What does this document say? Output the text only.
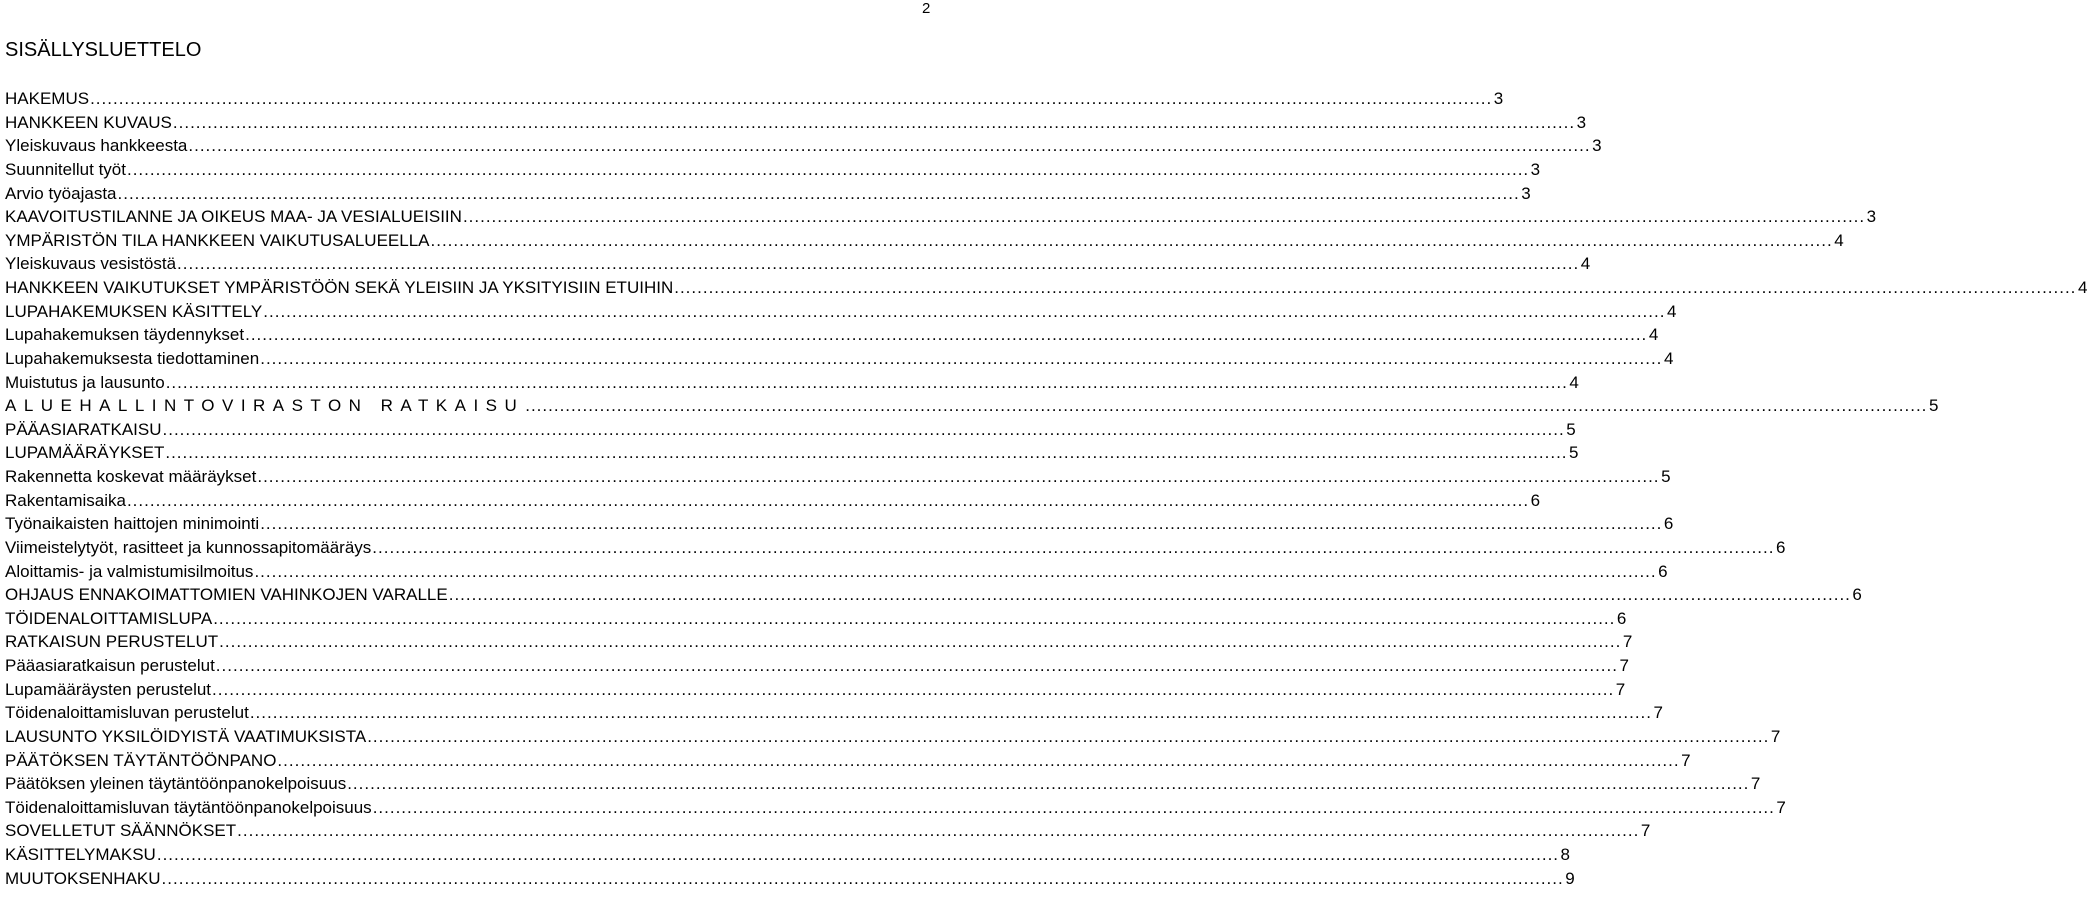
2
SISÄLLYSLUETTELO
HAKEMUS .....	3
HANKKEEN KUVAUS .....	3
Yleiskuvaus hankkeesta .....	3
Suunnitellut työt .....	3
Arvio työajasta .....	3
KAAVOITUSTILANNE JA OIKEUS MAA- JA VESIALUEISIIN .....	3
YMPÄRISTÖN TILA HANKKEEN VAIKUTUSALUEELLA .....	4
Yleiskuvaus vesistöstä .....	4
HANKKEEN VAIKUTUKSET YMPÄRISTÖÖN SEKÄ YLEISIIN JA YKSITYISIIN ETUIHIN .....	4
LUPAHAKEMUKSEN KÄSITTELY .....	4
Lupahakemuksen täydennykset .....	4
Lupahakemuksesta tiedottaminen .....	4
Muistutus ja lausunto .....	4
ALUEHALLINTOVIRASTON RATKAISU .....	5
PÄÄASIARATKAISU .....	5
LUPAMÄÄRÄYKSET .....	5
Rakennetta koskevat määräykset .....	5
Rakentamisaika .....	6
Työnaikaisten haittojen minimointi .....	6
Viimeistelytyöt, rasitteet ja kunnossapitomääräys .....	6
Aloittamis- ja valmistumisilmoitus .....	6
OHJAUS ENNAKOIMATTOMIEN VAHINKOJEN VARALLE .....	6
TÖIDENALOITTAMISLUPA .....	6
RATKAISUN PERUSTELUT .....	7
Pääasiaratkaisun perustelut .....	7
Lupamääräysten perustelut .....	7
Töidenaloittamisluvan perustelut .....	7
LAUSUNTO YKSILÖIDYISTÄ VAATIMUKSISTA .....	7
PÄÄTÖKSEN TÄYTÄNTÖÖNPANO .....	7
Päätöksen yleinen täytäntöönpanokelpoisuus .....	7
Töidenaloittamisluvan täytäntöönpanokelpoisuus .....	7
SOVELLETUT SÄÄNNÖKSET .....	7
KÄSITTELYMAKSU .....	8
MUUTOKSENHAKU .....	9
